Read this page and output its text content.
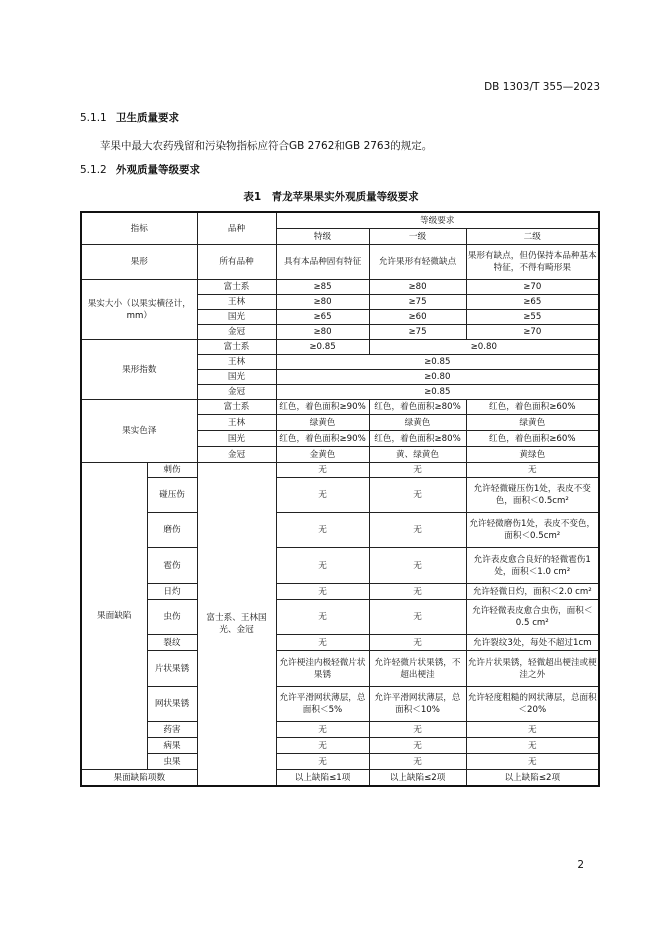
DB 1303/T 355—2023
5.1.1 卫生质量要求
苹果中最大农药残留和污染物指标应符合GB 2762和GB 2763的规定。
5.1.2 外观质量等级要求
表1　青龙苹果果实外观质量等级要求
指标		品种	等级要求		
			特级	一级	二级
果形		所有品种	具有本品种固有特征	允许果形有轻微缺点	果形有缺点，但仍保持本品种基本特征，不得有畸形果
果实大小（以果实横径计，mm）		富士系	≥85	≥80	≥70
		王林	≥80	≥75	≥65
		国光	≥65	≥60	≥55
		金冠	≥80	≥75	≥70
果形指数		富士系	≥0.85	≥0.80	
		王林	≥0.85		
		国光	≥0.80		
		金冠	≥0.85		
果实色泽		富士系	红色，着色面积≥90%	红色，着色面积≥80%	红色，着色面积≥60%
		王林	绿黄色	绿黄色	绿黄色
		国光	红色，着色面积≥90%	红色，着色面积≥80%	红色，着色面积≥60%
		金冠	金黄色	黄、绿黄色	黄绿色
果面缺陷	刺伤	富士系、王林国光、金冠	无	无	无
	碰压伤		无	无	允许轻微碰压伤1处，表皮不变色，面积＜0.5cm²
	磨伤		无	无	允许轻微磨伤1处，表皮不变色，面积＜0.5cm²
	雹伤		无	无	允许表皮愈合良好的轻微雹伤1处，面积＜1.0 cm²
	日灼		无	无	允许轻微日灼，面积＜2.0 cm²
	虫伤		无	无	允许轻微表皮愈合虫伤，面积＜0.5 cm²
	裂纹		无	无	允许裂纹3处，每处不超过1cm
	片状果锈		允许梗洼内极轻微片状果锈	允许轻微片状果锈，不超出梗洼	允许片状果锈，轻微超出梗洼或梗洼之外
	网状果锈		允许平滑网状薄层，总面积＜5%	允许平滑网状薄层，总面积＜10%	允许轻度粗糙的网状薄层，总面积＜20%
	药害		无	无	无
	病果		无	无	无
	虫果		无	无	无
果面缺陷项数			以上缺陷≤1项	以上缺陷≤2项	以上缺陷≤2项
2
